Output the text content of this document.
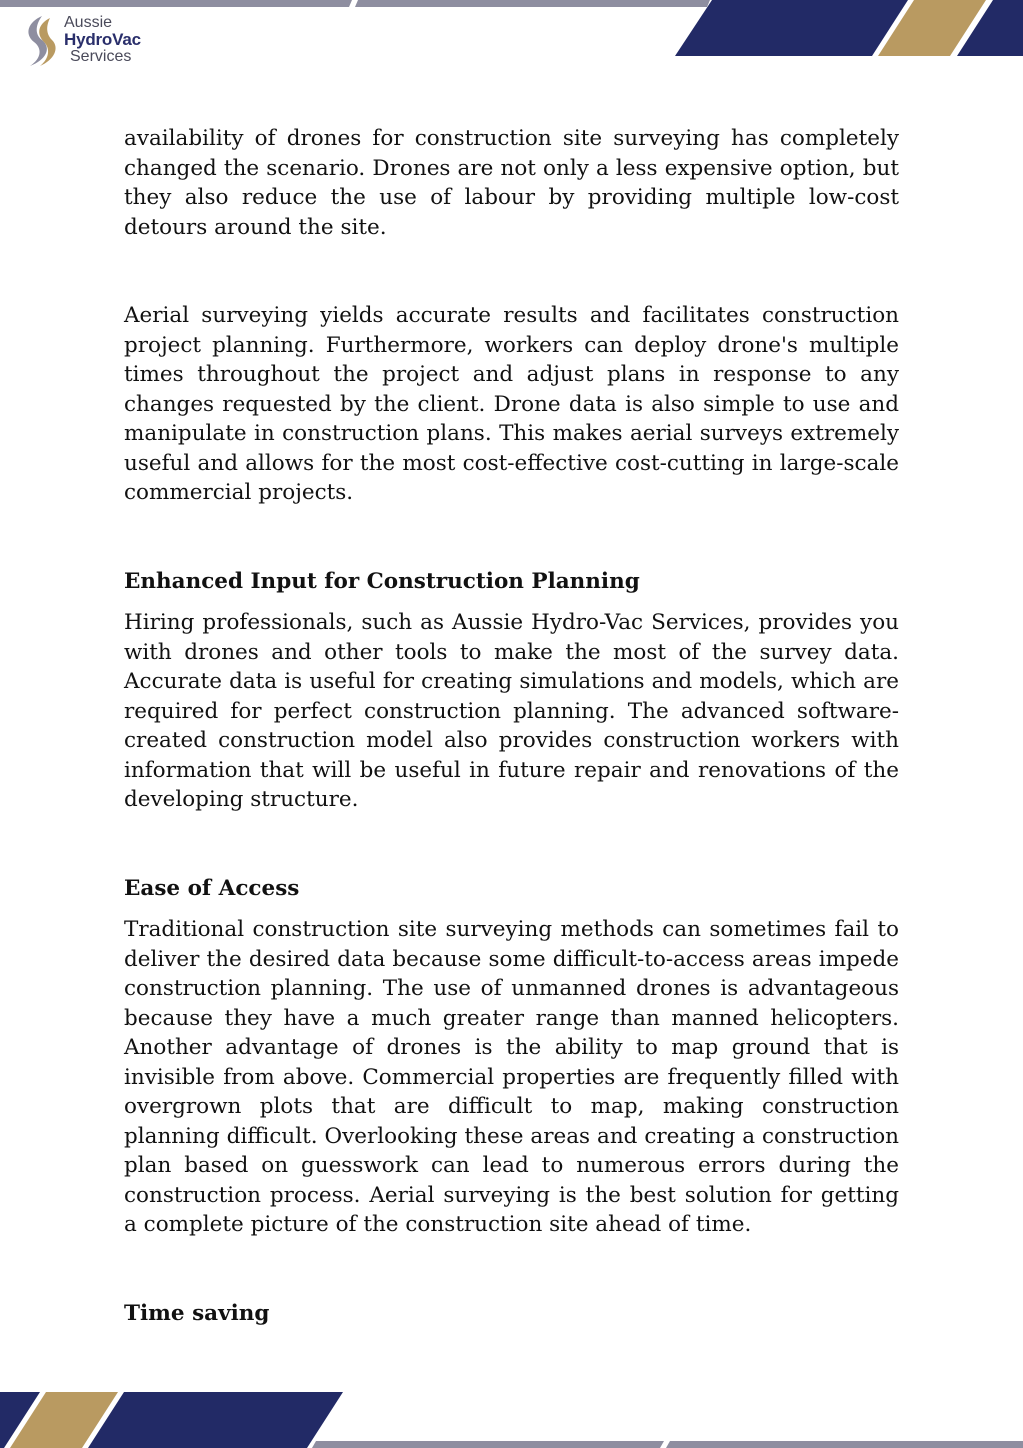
Aussie
HydroVac
Services

availability of drones for construction site surveying has completely changed the scenario. Drones are not only a less expensive option, but they also reduce the use of labour by providing multiple low-cost detours around the site.

Aerial surveying yields accurate results and facilitates construction project planning. Furthermore, workers can deploy drone's multiple times throughout the project and adjust plans in response to any changes requested by the client. Drone data is also simple to use and manipulate in construction plans. This makes aerial surveys extremely useful and allows for the most cost-effective cost-cutting in large-scale commercial projects.

Enhanced Input for Construction Planning

Hiring professionals, such as Aussie Hydro-Vac Services, provides you with drones and other tools to make the most of the survey data. Accurate data is useful for creating simulations and models, which are required for perfect construction planning. The advanced software-created construction model also provides construction workers with information that will be useful in future repair and renovations of the developing structure.

Ease of Access

Traditional construction site surveying methods can sometimes fail to deliver the desired data because some difficult-to-access areas impede construction planning. The use of unmanned drones is advantageous because they have a much greater range than manned helicopters. Another advantage of drones is the ability to map ground that is invisible from above. Commercial properties are frequently filled with overgrown plots that are difficult to map, making construction planning difficult. Overlooking these areas and creating a construction plan based on guesswork can lead to numerous errors during the construction process. Aerial surveying is the best solution for getting a complete picture of the construction site ahead of time.

Time saving
